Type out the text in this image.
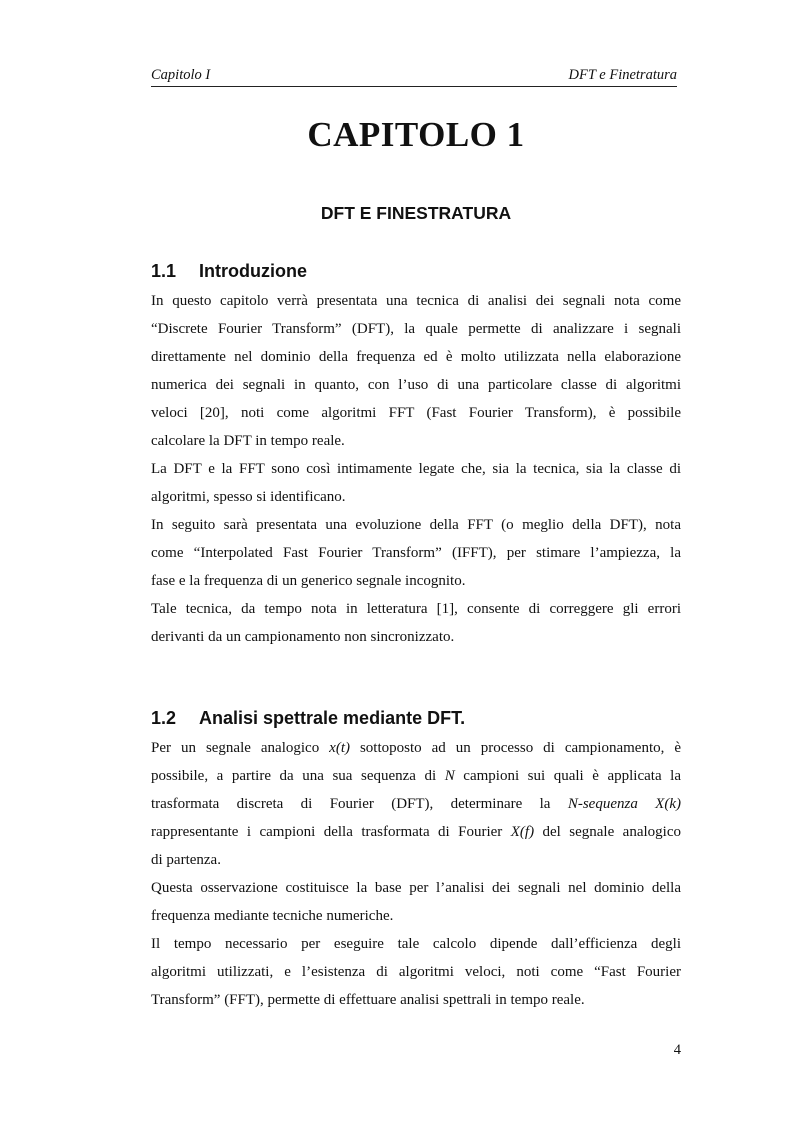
Capitolo I	DFT e Finetratura
CAPITOLO 1
DFT E FINESTRATURA
1.1 Introduzione

In questo capitolo verrà presentata una tecnica di analisi dei segnali nota come

“Discrete Fourier Transform” (DFT), la quale permette di analizzare i segnali

direttamente nel dominio della frequenza ed è molto utilizzata nella elaborazione

numerica dei segnali in quanto, con l’uso di una particolare classe di algoritmi

veloci [20], noti come algoritmi FFT (Fast Fourier Transform), è possibile

calcolare la DFT in tempo reale.

La DFT e la FFT sono così intimamente legate che, sia la tecnica, sia la classe di

algoritmi, spesso si identificano.

In seguito sarà presentata una evoluzione della FFT (o meglio della DFT), nota

come “Interpolated Fast Fourier Transform” (IFFT), per stimare l’ampiezza, la

fase e la frequenza di un generico segnale incognito.

Tale tecnica, da tempo nota in letteratura [1], consente di correggere gli errori

derivanti da un campionamento non sincronizzato.

1.2 Analisi spettrale mediante DFT.

Per un segnale analogico x(t) sottoposto ad un processo di campionamento, è

possibile, a partire da una sua sequenza di N campioni sui quali è applicata la

trasformata discreta di Fourier (DFT), determinare la N-sequenza X(k)

rappresentante i campioni della trasformata di Fourier X(f) del segnale analogico

di partenza.

Questa osservazione costituisce la base per l’analisi dei segnali nel dominio della

frequenza mediante tecniche numeriche.

Il tempo necessario per eseguire tale calcolo dipende dall’efficienza degli

algoritmi utilizzati, e l’esistenza di algoritmi veloci, noti come “Fast Fourier

Transform” (FFT), permette di effettuare analisi spettrali in tempo reale.

4
